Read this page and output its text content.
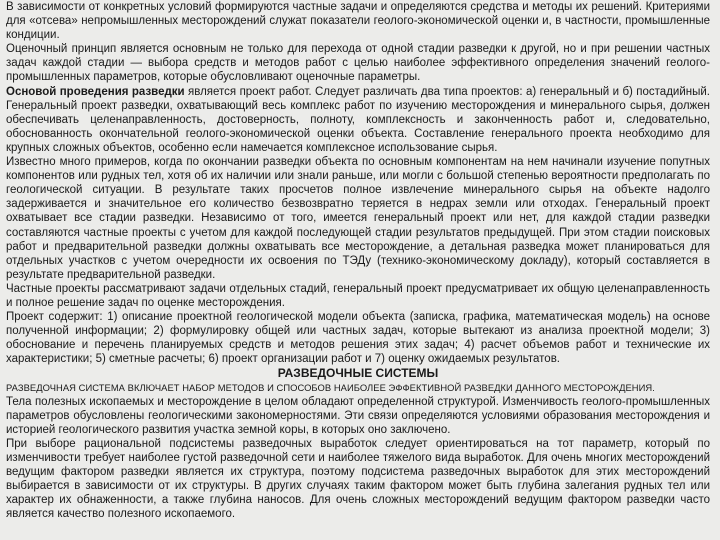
В зависимости от конкретных условий формируются частные задачи и определяются средства и методы их решений. Критериями для «отсева» непромышленных месторождений служат показатели геолого-экономической оценки и, в частности, промышленные кондиции.

Оценочный принцип является основным не только для перехода от одной стадии разведки к другой, но и при решении частных задач каждой стадии — выбора средств и методов работ с целью наиболее эффективного определения значений геолого-промышленных параметров, которые обусловливают оценочные параметры.

Основой проведения разведки является проект работ. Следует различать два типа проектов: а) генеральный и б) постадийный. Генеральный проект разведки, охватывающий весь комплекс работ по изучению месторождения и минерального сырья, должен обеспечивать целенаправленность, достоверность, полноту, комплексность и законченность работ и, следовательно, обоснованность окончательной геолого-экономической оценки объекта. Составление генерального проекта необходимо для крупных сложных объектов, особенно если намечается комплексное использование сырья.

Известно много примеров, когда по окончании разведки объекта по основным компонентам на нем начинали изучение попутных компонентов или рудных тел, хотя об их наличии или знали раньше, или могли с большой степенью вероятности предполагать по геологической ситуации. В результате таких просчетов полное извлечение минерального сырья на объекте надолго задерживается и значительное его количество безвозвратно теряется в недрах земли или отходах. Генеральный проект охватывает все стадии разведки. Независимо от того, имеется генеральный проект или нет, для каждой стадии разведки составляются частные проекты с учетом для каждой последующей стадии результатов предыдущей. При этом стадии поисковых работ и предварительной разведки должны охватывать все месторождение, а детальная разведка может планироваться для отдельных участков с учетом очередности их освоения по ТЭДу (технико-экономическому докладу), который составляется в результате предварительной разведки.

Частные проекты рассматривают задачи отдельных стадий, генеральный проект предусматривает их общую целенаправленность и полное решение задач по оценке месторождения.

Проект содержит: 1) описание проектной геологической модели объекта (записка, графика, математическая модель) на основе полученной информации; 2) формулировку общей или частных задач, которые вытекают из анализа проектной модели; 3) обоснование и перечень планируемых средств и методов решения этих задач; 4) расчет объемов работ и технические их характеристики; 5) сметные расчеты; 6) проект организации работ и 7) оценку ожидаемых результатов.

РАЗВЕДОЧНЫЕ СИСТЕМЫ

РАЗВЕДОЧНАЯ СИСТЕМА ВКЛЮЧАЕТ НАБОР МЕТОДОВ И СПОСОБОВ НАИБОЛЕЕ ЭФФЕКТИВНОЙ РАЗВЕДКИ ДАННОГО МЕСТОРОЖДЕНИЯ.

Тела полезных ископаемых и месторождение в целом обладают определенной структурой. Изменчивость геолого-промышленных параметров обусловлены геологическими закономерностями. Эти связи определяются условиями образования месторождения и историей геологического развития участка земной коры, в которых оно заключено.

При выборе рациональной подсистемы разведочных выработок следует ориентироваться на тот параметр, который по изменчивости требует наиболее густой разведочной сети и наиболее тяжелого вида выработок. Для очень многих месторождений ведущим фактором разведки является их структура, поэтому подсистема разведочных выработок для этих месторождений выбирается в зависимости от их структуры. В других случаях таким фактором может быть глубина залегания рудных тел или характер их обнаженности, а также глубина наносов. Для очень сложных месторождений ведущим фактором разведки часто является качество полезного ископаемого.
